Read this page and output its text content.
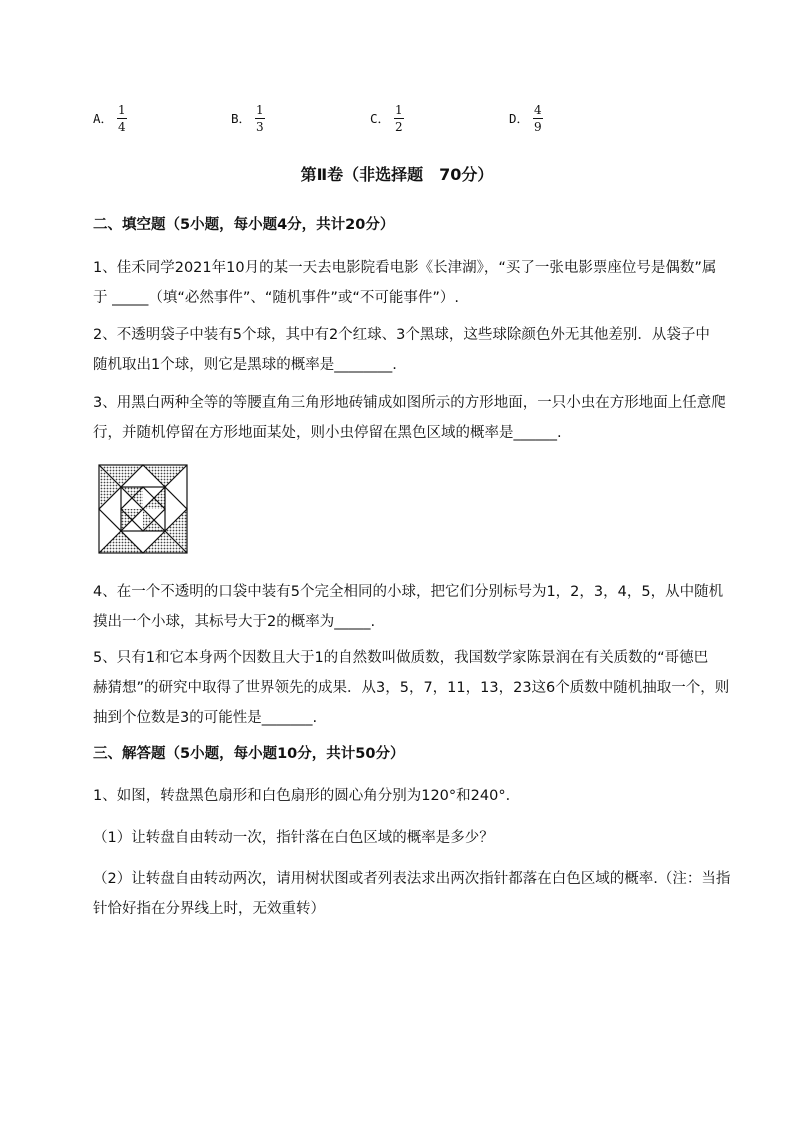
A． $\frac{1}{4}$	B． $\frac{1}{3}$	C． $\frac{1}{2}$	D． $\frac{4}{9}$
第Ⅱ卷（非选择题　70分）
二、填空题（5小题，每小题4分，共计20分）

1、佳禾同学2021年10月的某一天去电影院看电影《长津湖》，“买了一张电影票座位号是偶数”属

于 _____（填“必然事件”、“随机事件”或“不可能事件”）.

2、不透明袋子中装有5个球，其中有2个红球、3个黑球，这些球除颜色外无其他差别．从袋子中

随机取出1个球，则它是黑球的概率是________.

3、用黑白两种全等的等腰直角三角形地砖铺成如图所示的方形地面，一只小虫在方形地面上任意爬

行，并随机停留在方形地面某处，则小虫停留在黑色区域的概率是______.

4、在一个不透明的口袋中装有5个完全相同的小球，把它们分别标号为1，2，3，4，5，从中随机

摸出一个小球，其标号大于2的概率为_____.

5、只有1和它本身两个因数且大于1的自然数叫做质数，我国数学家陈景润在有关质数的“哥德巴

赫猜想”的研究中取得了世界领先的成果．从3，5，7，11，13，23这6个质数中随机抽取一个，则

抽到个位数是3的可能性是_______.

三、解答题（5小题，每小题10分，共计50分）

1、如图，转盘黑色扇形和白色扇形的圆心角分别为120°和240°．

（1）让转盘自由转动一次，指针落在白色区域的概率是多少？

（2）让转盘自由转动两次，请用树状图或者列表法求出两次指针都落在白色区域的概率.（注：当指

针恰好指在分界线上时，无效重转）
